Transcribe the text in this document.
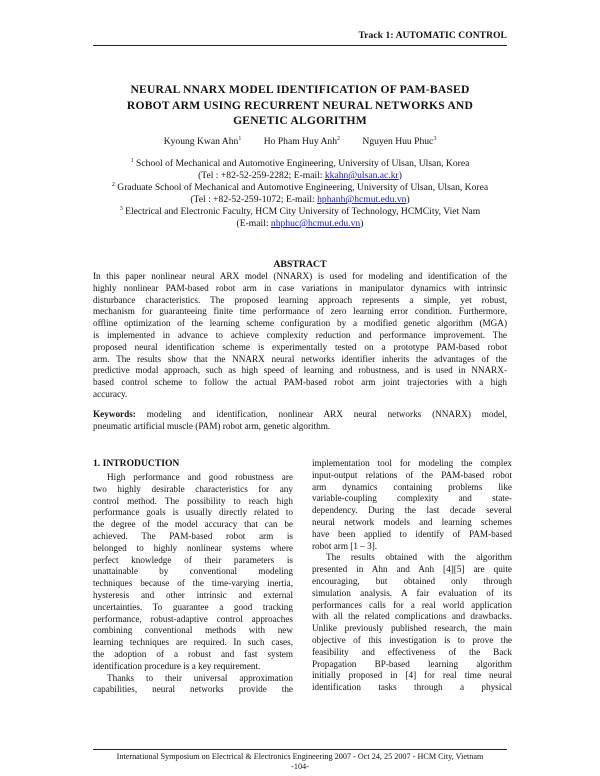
Track 1: AUTOMATIC CONTROL
NEURAL NNARX MODEL IDENTIFICATION OF PAM-BASED
ROBOT ARM USING RECURRENT NEURAL NETWORKS AND
GENETIC ALGORITHM
Kyoung Kwan Ahn$^1$ Ho Pham Huy Anh$^2$ Nguyen Huu Phuc$^3$
$^1$ School of Mechanical and Automotive Engineering, University of Ulsan, Ulsan, Korea
(Tel : +82-52-259-2282; E-mail: kkahn@ulsan.ac.kr)
$^2$ Graduate School of Mechanical and Automotive Engineering, University of Ulsan, Ulsan, Korea
(Tel : +82-52-259-1072; E-mail: hphanh@hcmut.edu.vn)
$^3$ Electrical and Electronic Faculty, HCM City University of Technology, HCMCity, Viet Nam
(E-mail: nhphuc@hcmut.edu.vn)
ABSTRACT
In this paper nonlinear neural ARX model (NNARX) is used for modeling and identification of the
highly nonlinear PAM-based robot arm in case variations in manipulator dynamics with intrinsic
disturbance characteristics. The proposed learning approach represents a simple, yet robust,
mechanism for guaranteeing finite time performance of zero learning error condition. Furthermore,
offline optimization of the learning scheme configuration by a modified genetic algorithm (MGA)
is implemented in advance to achieve complexity reduction and performance improvement. The
proposed neural identification scheme is experimentally tested on a prototype PAM-based robot
arm. The results show that the NNARX neural networks identifier inherits the advantages of the
predictive modal approach, such as high speed of learning and robustness, and is used in NNARX-
based control scheme to follow the actual PAM-based robot arm joint trajectories with a high
accuracy.
Keywords: modeling and identification, nonlinear ARX neural networks (NNARX) model,
pneumatic artificial muscle (PAM) robot arm, genetic algorithm.
1. INTRODUCTION
High performance and good robustness are
two highly desirable characteristics for any
control method. The possibility to reach high
performance goals is usually directly related to
the degree of the model accuracy that can be
achieved. The PAM-based robot arm is
belonged to highly nonlinear systems where
perfect knowledge of their parameters is
unattainable by conventional modeling
techniques because of the time-varying inertia,
hysteresis and other intrinsic and external
uncertainties. To guarantee a good tracking
performance, robust-adaptive control approaches
combining conventional methods with new
learning techniques are required. In such cases,
the adoption of a robust and fast system
identification procedure is a key requirement.
Thanks to their universal approximation
capabilities, neural networks provide the
implementation tool for modeling the complex
input-output relations of the PAM-based robot
arm dynamics containing problems like
variable-coupling complexity and state-
dependency. During the last decade several
neural network models and learning schemes
have been applied to identify of PAM-based
robot arm [1 – 3].
The results obtained with the algorithm
presented in Ahn and Anh [4][5] are quite
encouraging, but obtained only through
simulation analysis. A fair evaluation of its
performances calls for a real world application
with all the related complications and drawbacks.
Unlike previously published research, the main
objective of this investigation is to prove the
feasibility and effectiveness of the Back
Propagation BP-based learning algorithm
initially proposed in [4] for real time neural
identification tasks through a physical
International Symposium on Electrical & Electronics Engineering 2007 - Oct 24, 25 2007 - HCM City, Vietnam
-104-
